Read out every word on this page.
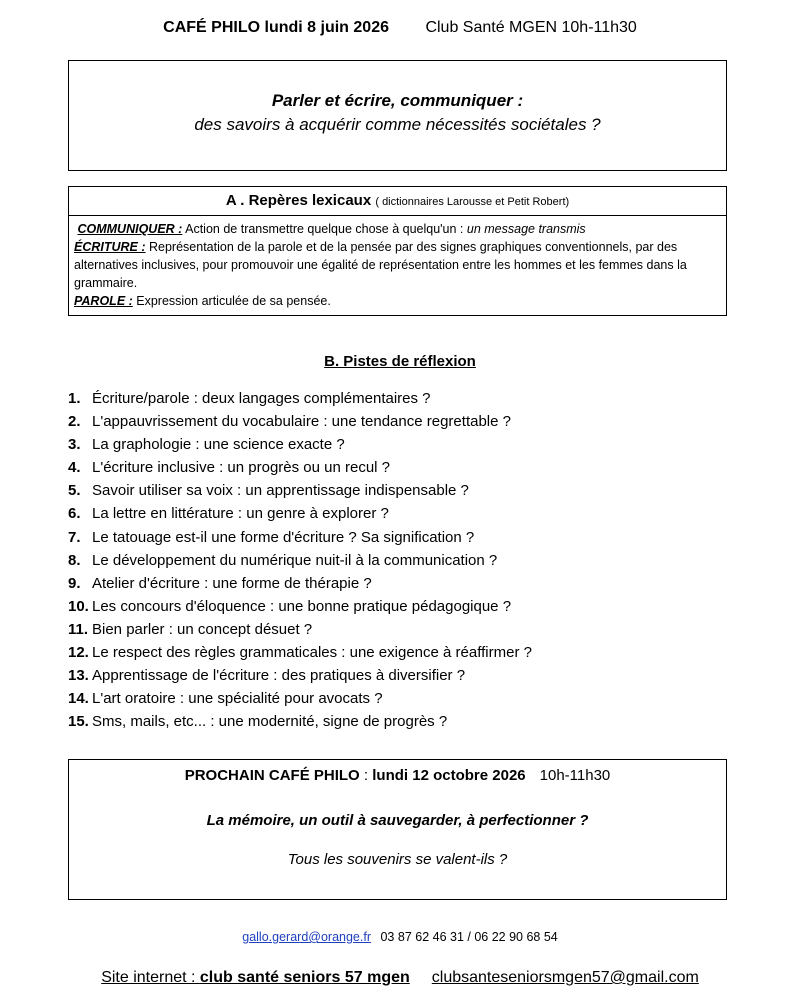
CAFÉ PHILO lundi 8 juin 2026 Club Santé MGEN 10h-11h30
Parler et écrire, communiquer :
des savoirs à acquérir comme nécessités sociétales ?
A . Repères lexicaux ( dictionnaires Larousse et Petit Robert)
COMMUNIQUER : Action de transmettre quelque chose à quelqu'un : un message transmis
ÉCRITURE : Représentation de la parole et de la pensée par des signes graphiques conventionnels, par des alternatives inclusives, pour promouvoir une égalité de représentation entre les hommes et les femmes dans la grammaire.
PAROLE : Expression articulée de sa pensée.
B. Pistes de réflexion
1. Écriture/parole : deux langages complémentaires ?
2. L'appauvrissement du vocabulaire : une tendance regrettable ?
3. La graphologie : une science exacte ?
4. L'écriture inclusive : un progrès ou un recul ?
5. Savoir utiliser sa voix : un apprentissage indispensable ?
6. La lettre en littérature : un genre à explorer ?
7. Le tatouage est-il une forme d'écriture ? Sa signification ?
8. Le développement du numérique nuit-il à la communication ?
9. Atelier d'écriture : une forme de thérapie ?
10. Les concours d'éloquence : une bonne pratique pédagogique ?
11. Bien parler : un concept désuet ?
12. Le respect des règles grammaticales : une exigence à réaffirmer ?
13. Apprentissage de l'écriture : des pratiques à diversifier ?
14. L'art oratoire : une spécialité pour avocats ?
15. Sms, mails, etc... : une modernité, signe de progrès ?
PROCHAIN CAFÉ PHILO : lundi 12 octobre 2026 10h-11h30
La mémoire, un outil à sauvegarder, à perfectionner ?
Tous les souvenirs se valent-ils ?
gallo.gerard@orange.fr 03 87 62 46 31 / 06 22 90 68 54
Site internet : club santé seniors 57 mgen clubsanteseniorsmgen57@gmail.com
